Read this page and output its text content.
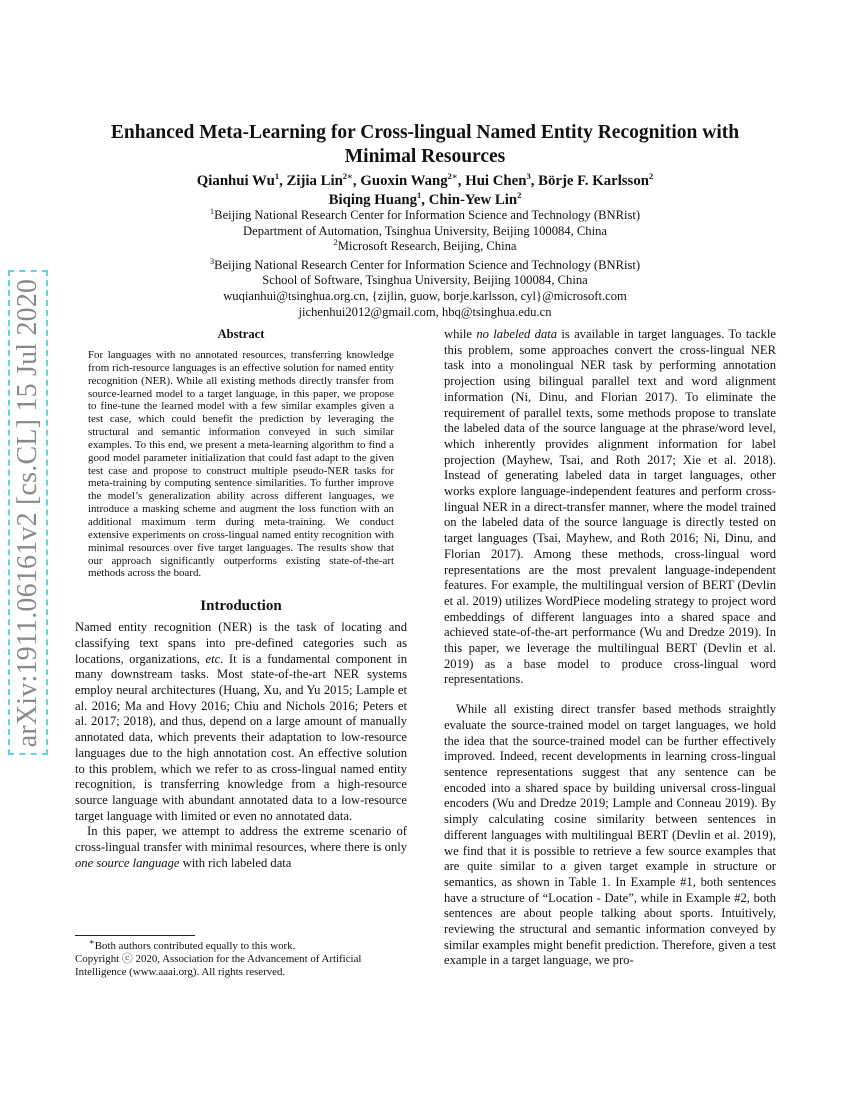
arXiv:1911.06161v2 [cs.CL] 15 Jul 2020
Enhanced Meta-Learning for Cross-lingual Named Entity Recognition with Minimal Resources
Qianhui Wu$^1$, Zijia Lin$^{2∗}$, Guoxin Wang$^{2∗}$, Hui Chen$^3$, Börje F. Karlsson$^2$
Biqing Huang$^1$, Chin-Yew Lin$^2$

$^1$Beijing National Research Center for Information Science and Technology (BNRist)

Department of Automation, Tsinghua University, Beijing 100084, China

$^2$Microsoft Research, Beijing, China

$^3$Beijing National Research Center for Information Science and Technology (BNRist)

School of Software, Tsinghua University, Beijing 100084, China

wuqianhui@tsinghua.org.cn, {zijlin, guow, borje.karlsson, cyl}@microsoft.com

jichenhui2012@gmail.com, hbq@tsinghua.edu.cn

Abstract

For languages with no annotated resources, transferring knowledge from rich-resource languages is an effective solution for named entity recognition (NER). While all existing methods directly transfer from source-learned model to a target language, in this paper, we propose to fine-tune the learned model with a few similar examples given a test case, which could benefit the prediction by leveraging the structural and semantic information conveyed in such similar examples. To this end, we present a meta-learning algorithm to find a good model parameter initialization that could fast adapt to the given test case and propose to construct multiple pseudo-NER tasks for meta-training by computing sentence similarities. To further improve the model’s generalization ability across different languages, we introduce a masking scheme and augment the loss function with an additional maximum term during meta-training. We conduct extensive experiments on cross-lingual named entity recognition with minimal resources over five target languages. The results show that our approach significantly outperforms existing state-of-the-art methods across the board.

Introduction

Named entity recognition (NER) is the task of locating and classifying text spans into pre-defined categories such as locations, organizations, etc. It is a fundamental component in many downstream tasks. Most state-of-the-art NER systems employ neural architectures (Huang, Xu, and Yu 2015; Lample et al. 2016; Ma and Hovy 2016; Chiu and Nichols 2016; Peters et al. 2017; 2018), and thus, depend on a large amount of manually annotated data, which prevents their adaptation to low-resource languages due to the high annotation cost. An effective solution to this problem, which we refer to as cross-lingual named entity recognition, is transferring knowledge from a high-resource source language with abundant annotated data to a low-resource target language with limited or even no annotated data.

In this paper, we attempt to address the extreme scenario of cross-lingual transfer with minimal resources, where there is only one source language with rich labeled data

∗Both authors contributed equally to this work.

Copyright ⓒ 2020, Association for the Advancement of Artificial Intelligence (www.aaai.org). All rights reserved.

while no labeled data is available in target languages. To tackle this problem, some approaches convert the cross-lingual NER task into a monolingual NER task by performing annotation projection using bilingual parallel text and word alignment information (Ni, Dinu, and Florian 2017). To eliminate the requirement of parallel texts, some methods propose to translate the labeled data of the source language at the phrase/word level, which inherently provides alignment information for label projection (Mayhew, Tsai, and Roth 2017; Xie et al. 2018). Instead of generating labeled data in target languages, other works explore language-independent features and perform cross-lingual NER in a direct-transfer manner, where the model trained on the labeled data of the source language is directly tested on target languages (Tsai, Mayhew, and Roth 2016; Ni, Dinu, and Florian 2017). Among these methods, cross-lingual word representations are the most prevalent language-independent features. For example, the multilingual version of BERT (Devlin et al. 2019) utilizes WordPiece modeling strategy to project word embeddings of different languages into a shared space and achieved state-of-the-art performance (Wu and Dredze 2019). In this paper, we leverage the multilingual BERT (Devlin et al. 2019) as a base model to produce cross-lingual word representations.

While all existing direct transfer based methods straightly evaluate the source-trained model on target languages, we hold the idea that the source-trained model can be further effectively improved. Indeed, recent developments in learning cross-lingual sentence representations suggest that any sentence can be encoded into a shared space by building universal cross-lingual encoders (Wu and Dredze 2019; Lample and Conneau 2019). By simply calculating cosine similarity between sentences in different languages with multilingual BERT (Devlin et al. 2019), we find that it is possible to retrieve a few source examples that are quite similar to a given target example in structure or semantics, as shown in Table 1. In Example #1, both sentences have a structure of “Location - Date”, while in Example #2, both sentences are about people talking about sports. Intuitively, reviewing the structural and semantic information conveyed by similar examples might benefit prediction. Therefore, given a test example in a target language, we pro-
